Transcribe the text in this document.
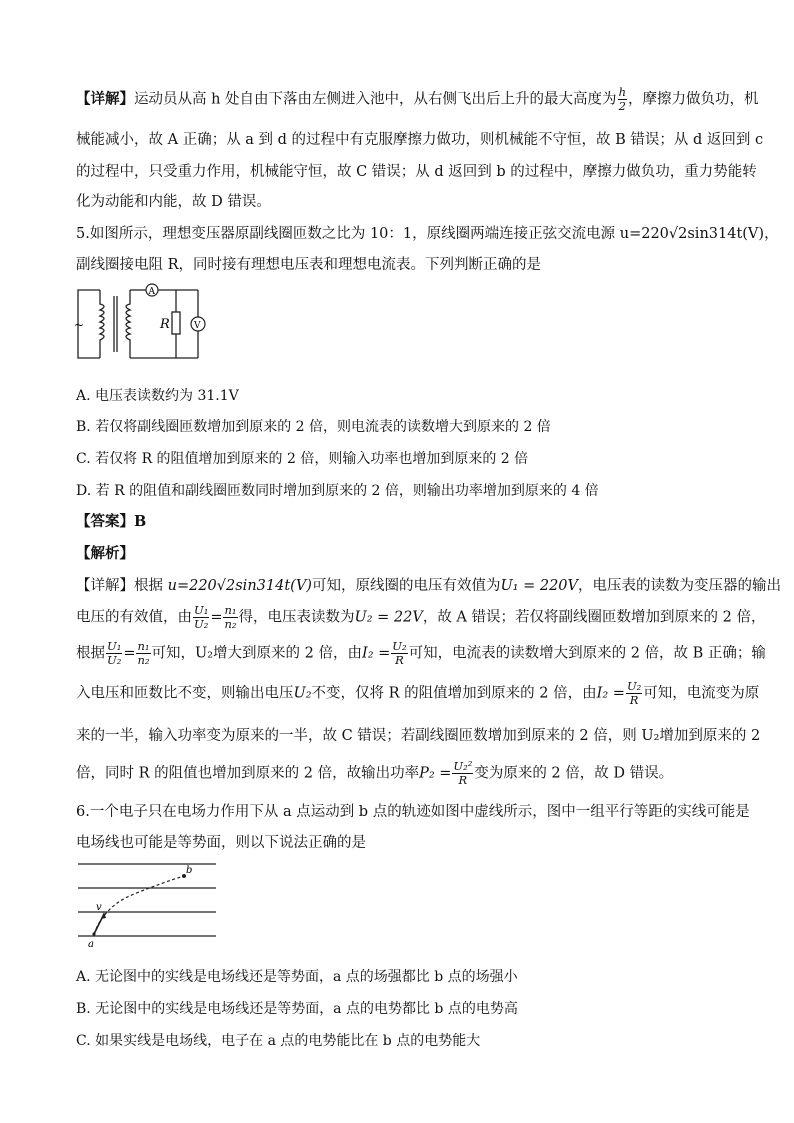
【详解】运动员从高 h 处自由下落由左侧进入池中，从右侧飞出后上升的最大高度为 $\frac{h}{2}$ ，摩擦力做负功，机
械能减小，故 A 正确；从 a 到 d 的过程中有克服摩擦力做功，则机械能不守恒，故 B 错误；从 d 返回到 c
的过程中，只受重力作用，机械能守恒，故 C 错误；从 d 返回到 b 的过程中，摩擦力做负功，重力势能转
化为动能和内能，故 D 错误。
5.如图所示，理想变压器原副线圈匝数之比为 10：1，原线圈两端连接正弦交流电源 u=220√2sin314t(V)，
副线圈接电阻 R，同时接有理想电压表和理想电流表。下列判断正确的是
~
A
R	V
A. 电压表读数约为 31.1V
B. 若仅将副线圈匝数增加到原来的 2 倍，则电流表的读数增大到原来的 2 倍
C. 若仅将 R 的阻值增加到原来的 2 倍，则输入功率也增加到原来的 2 倍
D. 若 R 的阻值和副线圈匝数同时增加到原来的 2 倍，则输出功率增加到原来的 4 倍
【答案】B
【解析】
【详解】根据 u=220√2sin314t(V)可知，原线圈的电压有效值为U₁ = 220V，电压表的读数为变压器的输出
电压的有效值，由 $\frac{\text{U₁}}{\text{U₂}} = \frac{\text{n₁}}{\text{n₂}}$ 得，电压表读数为U₂ = 22V，故 A 错误；若仅将副线圈匝数增加到原来的 2 倍，
根据 $\frac{\text{U₁}}{\text{U₂}} = \frac{\text{n₁}}{\text{n₂}}$ 可知，U₂增大到原来的 2 倍，由$I_2 = \frac{\text{U₂}}{R}$ 可知，电流表的读数增大到原来的 2 倍，故 B 正确；输
入电压和匝数比不变，则输出电压U₂不变，仅将 R 的阻值增加到原来的 2 倍，由$I_2 = \frac{\text{U₂}}{R}$ 可知，电流变为原
来的一半，输入功率变为原来的一半，故 C 错误；若副线圈匝数增加到原来的 2 倍，则 U₂增加到原来的 2
倍，同时 R 的阻值也增加到原来的 2 倍，故输出功率$P_2 = \frac{\text{U₂²}}{R}$ 变为原来的 2 倍，故 D 错误。
6.一个电子只在电场力作用下从 a 点运动到 b 点的轨迹如图中虚线所示，图中一组平行等距的实线可能是
电场线也可能是等势面，则以下说法正确的是
b
a
v
A. 无论图中的实线是电场线还是等势面，a 点的场强都比 b 点的场强小
B. 无论图中的实线是电场线还是等势面，a 点的电势都比 b 点的电势高
C. 如果实线是电场线，电子在 a 点的电势能比在 b 点的电势能大
